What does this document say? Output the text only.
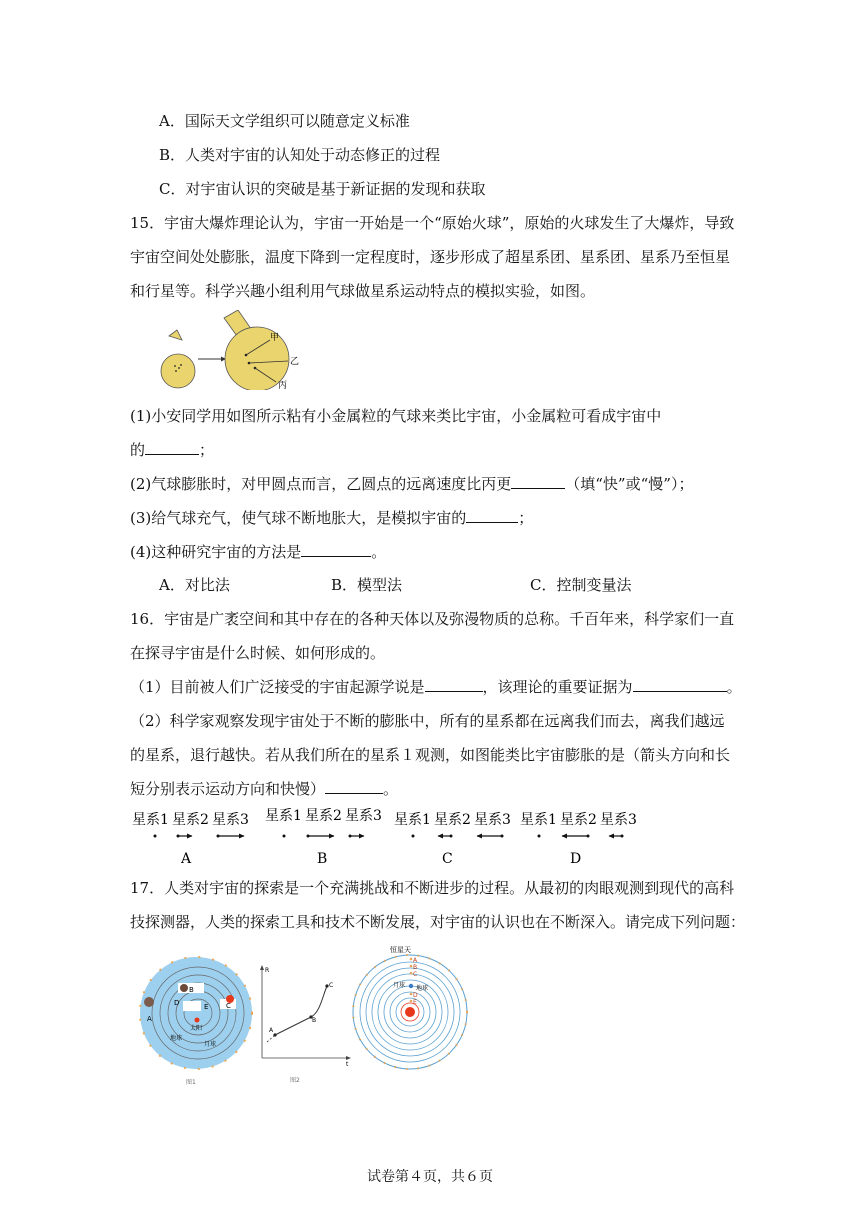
A．国际天文学组织可以随意定义标准
B．人类对宇宙的认知处于动态修正的过程
C．对宇宙认识的突破是基于新证据的发现和获取
15．宇宙大爆炸理论认为，宇宙一开始是一个“原始火球”，原始的火球发生了大爆炸，导致
宇宙空间处处膨胀，温度下降到一定程度时，逐步形成了超星系团、星系团、星系乃至恒星
和行星等。科学兴趣小组利用气球做星系运动特点的模拟实验，如图。
甲
乙
丙
(1)小安同学用如图所示粘有小金属粒的气球来类比宇宙，小金属粒可看成宇宙中
的	；
(2)气球膨胀时，对甲圆点而言，乙圆点的远离速度比丙更	（填“快”或“慢”）；
(3)给气球充气，使气球不断地胀大，是模拟宇宙的	；
(4)这种研究宇宙的方法是	。
A．对比法	B．模型法	C．控制变量法
16．宇宙是广袤空间和其中存在的各种天体以及弥漫物质的总称。千百年来，科学家们一直
在探寻宇宙是什么时候、如何形成的。
（1）目前被人们广泛接受的宇宙起源学说是	，该理论的重要证据为	。
（2）科学家观察发现宇宙处于不断的膨胀中，所有的星系都在远离我们而去，离我们越远
的星系，退行越快。若从我们所在的星系１观测，如图能类比宇宙膨胀的是（箭头方向和长
短分别表示运动方向和快慢）	。
星系1 星系2 星系3
A
星系1 星系2 星系3
B
星系1 星系2 星系3
C
星系1 星系2 星系3
D
17．人类对宇宙的探索是一个充满挑战和不断进步的过程。从最初的肉眼观测到现代的高科
技探测器，人类的探索工具和技术不断发展，对宇宙的认识也在不断深入。请完成下列问题：
B
D	E
A
C
太阳
地球
月球
图1
R
t
A
B
C
图2
恒星天
A
B
C
月球 地球
D
E
试卷第４页，共６页
